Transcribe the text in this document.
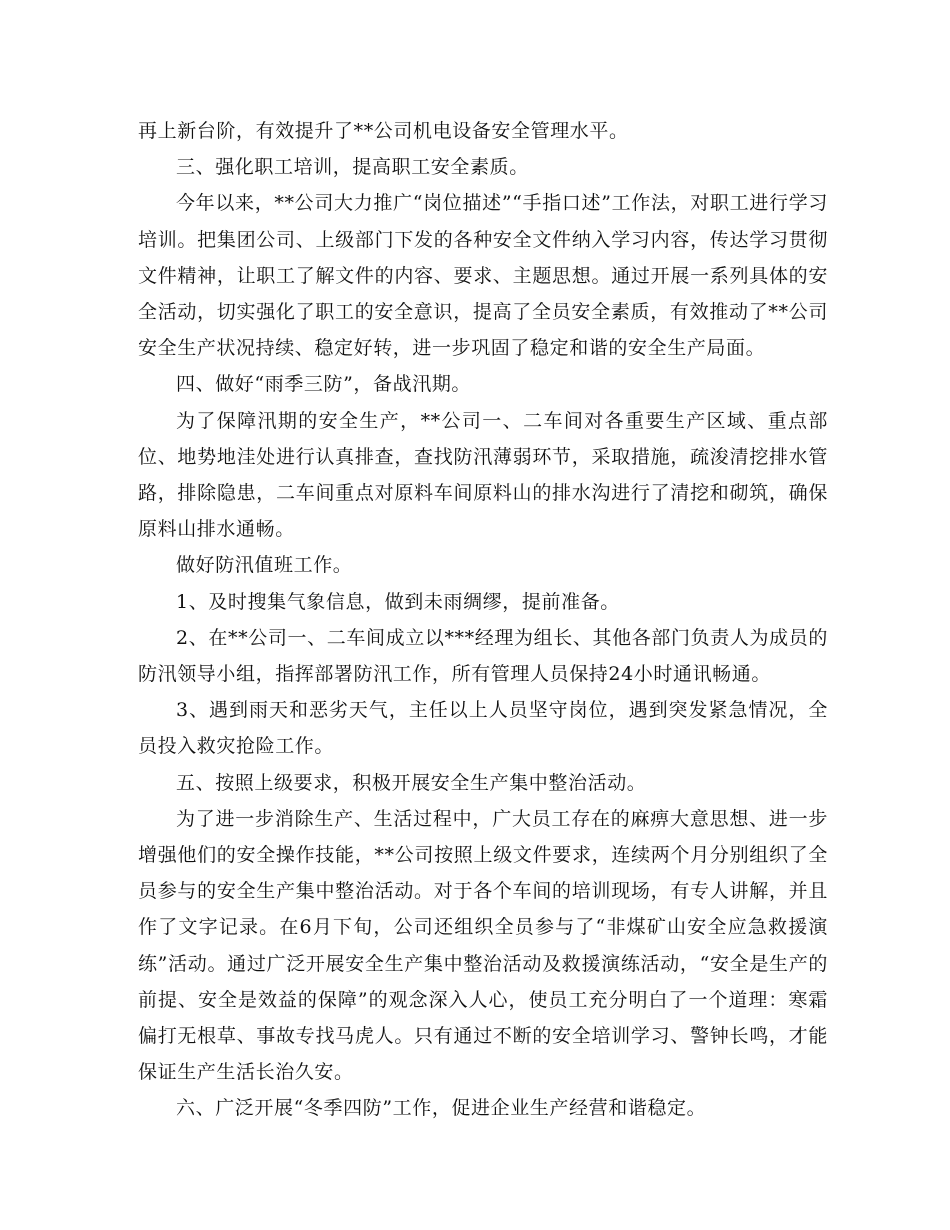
再上新台阶，有效提升了**公司机电设备安全管理水平。

三、强化职工培训，提高职工安全素质。

今年以来，**公司大力推广“岗位描述”“手指口述”工作法，对职工进行学习培训。把集团公司、上级部门下发的各种安全文件纳入学习内容，传达学习贯彻文件精神，让职工了解文件的内容、要求、主题思想。通过开展一系列具体的安全活动，切实强化了职工的安全意识，提高了全员安全素质，有效推动了**公司安全生产状况持续、稳定好转，进一步巩固了稳定和谐的安全生产局面。

四、做好“雨季三防”，备战汛期。

为了保障汛期的安全生产，**公司一、二车间对各重要生产区域、重点部位、地势地洼处进行认真排查，查找防汛薄弱环节，采取措施，疏浚清挖排水管路，排除隐患，二车间重点对原料车间原料山的排水沟进行了清挖和砌筑，确保原料山排水通畅。

做好防汛值班工作。

1、及时搜集气象信息，做到未雨绸缪，提前准备。

2、在**公司一、二车间成立以***经理为组长、其他各部门负责人为成员的防汛领导小组，指挥部署防汛工作，所有管理人员保持24小时通讯畅通。

3、遇到雨天和恶劣天气，主任以上人员坚守岗位，遇到突发紧急情况，全员投入救灾抢险工作。

五、按照上级要求，积极开展安全生产集中整治活动。

为了进一步消除生产、生活过程中，广大员工存在的麻痹大意思想、进一步增强他们的安全操作技能，**公司按照上级文件要求，连续两个月分别组织了全员参与的安全生产集中整治活动。对于各个车间的培训现场，有专人讲解，并且作了文字记录。在6月下旬，公司还组织全员参与了“非煤矿山安全应急救援演练”活动。通过广泛开展安全生产集中整治活动及救援演练活动，“安全是生产的前提、安全是效益的保障”的观念深入人心，使员工充分明白了一个道理：寒霜偏打无根草、事故专找马虎人。只有通过不断的安全培训学习、警钟长鸣，才能保证生产生活长治久安。

六、广泛开展“冬季四防”工作，促进企业生产经营和谐稳定。
